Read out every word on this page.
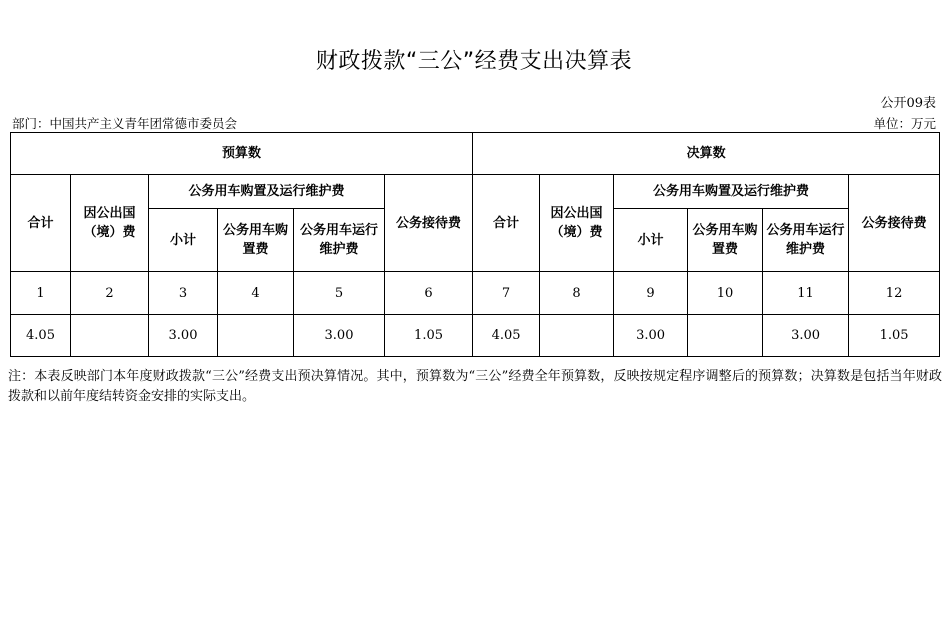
财政拨款“三公”经费支出决算表
公开09表
部门：中国共产主义青年团常德市委员会	单位：万元
预算数						决算数					
合计	因公出国（境）费	公务用车购置及运行维护费			公务接待费	合计	因公出国（境）费	公务用车购置及运行维护费			公务接待费
		小计	公务用车购置费	公务用车运行维护费				小计	公务用车购置费	公务用车运行维护费	
1	2	3	4	5	6	7	8	9	10	11	12
4.05		3.00		3.00	1.05	4.05		3.00		3.00	1.05
注：本表反映部门本年度财政拨款“三公”经费支出预决算情况。其中，预算数为“三公”经费全年预算数，反映按规定程序调整后的预算数；决算数是包括当年财政拨款和以前年度结转资金安排的实际支出。
